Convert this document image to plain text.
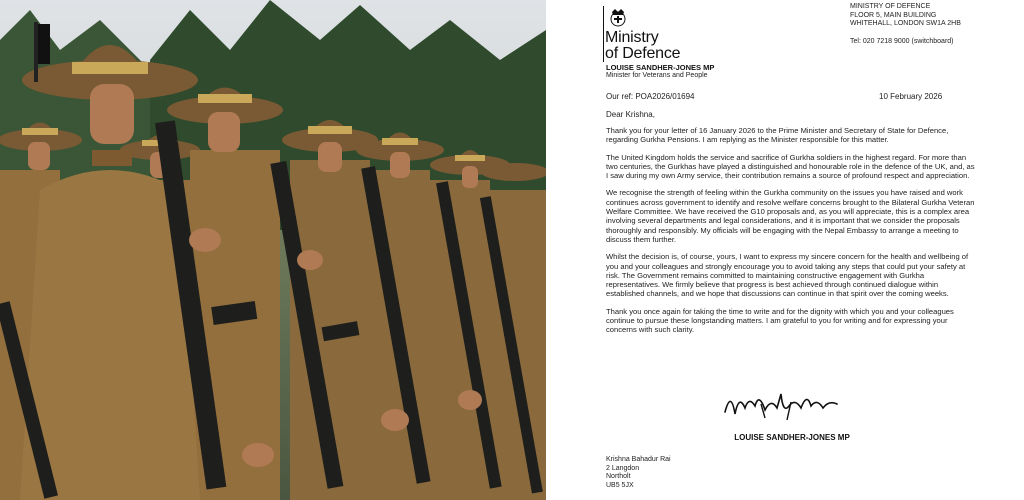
Ministry
of Defence
MINISTRY OF DEFENCE
FLOOR 5, MAIN BUILDING
WHITEHALL, LONDON SW1A 2HB
Tel: 020 7218 9000 (switchboard)
LOUISE SANDHER-JONES MP
Minister for Veterans and People
Our ref: POA2026/01694	10 February 2026
Dear Krishna,

Thank you for your letter of 16 January 2026 to the Prime Minister and Secretary of State for Defence, regarding Gurkha Pensions. I am replying as the Minister responsible for this matter.

The United Kingdom holds the service and sacrifice of Gurkha soldiers in the highest regard. For more than two centuries, the Gurkhas have played a distinguished and honourable role in the defence of the UK, and, as I saw during my own Army service, their contribution remains a source of profound respect and appreciation.

We recognise the strength of feeling within the Gurkha community on the issues you have raised and work continues across government to identify and resolve welfare concerns brought to the Bilateral Gurkha Veteran Welfare Committee. We have received the G10 proposals and, as you will appreciate, this is a complex area involving several departments and legal considerations, and it is important that we consider the proposals thoroughly and responsibly. My officials will be engaging with the Nepal Embassy to arrange a meeting to discuss them further.

Whilst the decision is, of course, yours, I want to express my sincere concern for the health and wellbeing of you and your colleagues and strongly encourage you to avoid taking any steps that could put your safety at risk. The Government remains committed to maintaining constructive engagement with Gurkha representatives. We firmly believe that progress is best achieved through continued dialogue within established channels, and we hope that discussions can continue in that spirit over the coming weeks.

Thank you once again for taking the time to write and for the dignity with which you and your colleagues continue to pursue these longstanding matters. I am grateful to you for writing and for expressing your concerns with such clarity.

LOUISE SANDHER-JONES MP
Krishna Bahadur Rai
2 Langdon
Northolt
UB5 5JX
